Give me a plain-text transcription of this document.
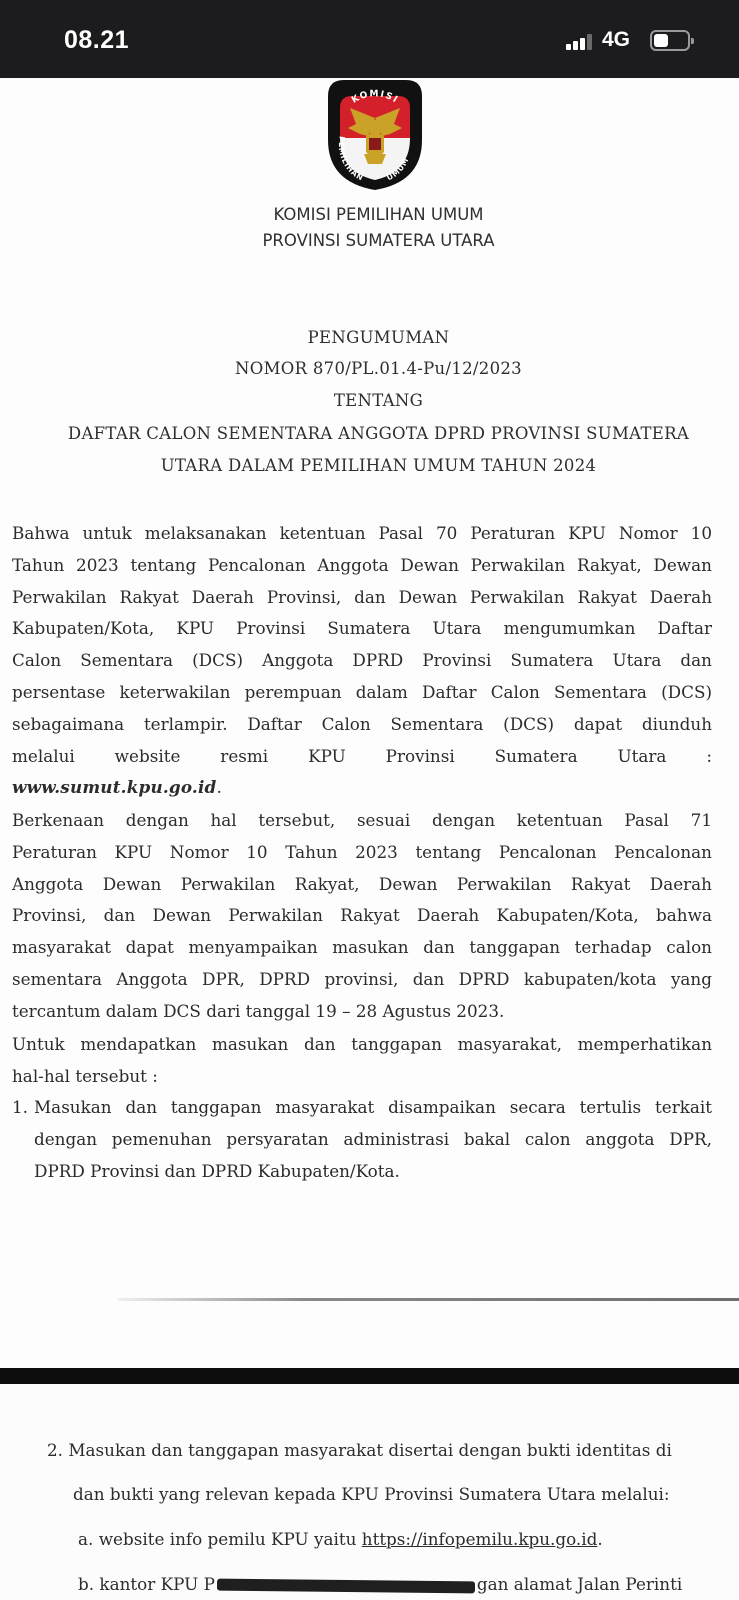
08.21	4G
KOMISI
PEMILIHAN	UMUM
KOMISI PEMILIHAN UMUM
PROVINSI SUMATERA UTARA
PENGUMUMAN
NOMOR 870/PL.01.4-Pu/12/2023
TENTANG
DAFTAR CALON SEMENTARA ANGGOTA DPRD PROVINSI SUMATERA
UTARA DALAM PEMILIHAN UMUM TAHUN 2024
Bahwa untuk melaksanakan ketentuan Pasal 70 Peraturan KPU Nomor 10
Tahun 2023 tentang Pencalonan Anggota Dewan Perwakilan Rakyat, Dewan
Perwakilan Rakyat Daerah Provinsi, dan Dewan Perwakilan Rakyat Daerah
Kabupaten/Kota, KPU Provinsi Sumatera Utara mengumumkan Daftar
Calon Sementara (DCS) Anggota DPRD Provinsi Sumatera Utara dan
persentase keterwakilan perempuan dalam Daftar Calon Sementara (DCS)
sebagaimana terlampir. Daftar Calon Sementara (DCS) dapat diunduh
melalui website resmi KPU Provinsi Sumatera Utara :
www.sumut.kpu.go.id.
Berkenaan dengan hal tersebut, sesuai dengan ketentuan Pasal 71
Peraturan KPU Nomor 10 Tahun 2023 tentang Pencalonan Pencalonan
Anggota Dewan Perwakilan Rakyat, Dewan Perwakilan Rakyat Daerah
Provinsi, dan Dewan Perwakilan Rakyat Daerah Kabupaten/Kota, bahwa
masyarakat dapat menyampaikan masukan dan tanggapan terhadap calon
sementara Anggota DPR, DPRD provinsi, dan DPRD kabupaten/kota yang
tercantum dalam DCS dari tanggal 19 – 28 Agustus 2023.
Untuk mendapatkan masukan dan tanggapan masyarakat, memperhatikan
hal-hal tersebut :
1. Masukan dan tanggapan masyarakat disampaikan secara tertulis terkait
dengan pemenuhan persyaratan administrasi bakal calon anggota DPR,
DPRD Provinsi dan DPRD Kabupaten/Kota.
2. Masukan dan tanggapan masyarakat disertai dengan bukti identitas di
dan bukti yang relevan kepada KPU Provinsi Sumatera Utara melalui:
a. website info pemilu KPU yaitu https://infopemilu.kpu.go.id.
b. kantor KPU P	gan alamat Jalan Perinti
